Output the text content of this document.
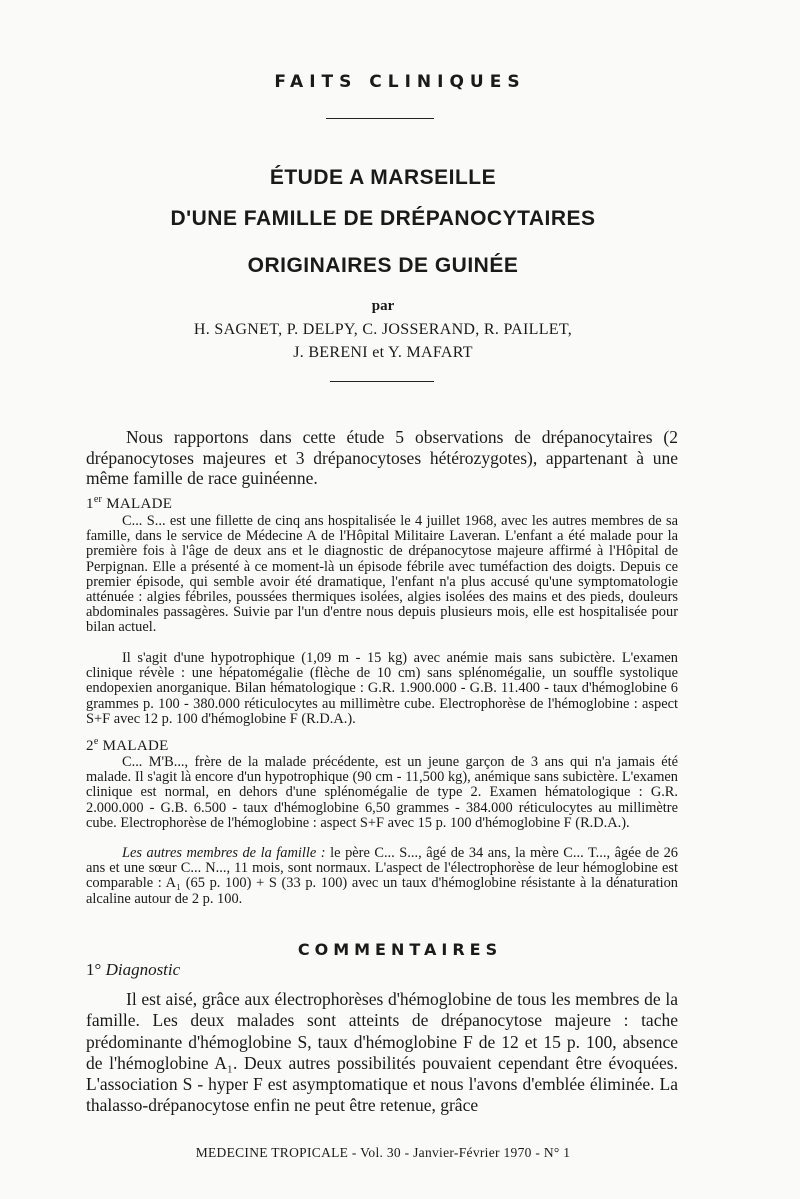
FAITS CLINIQUES
ÉTUDE A MARSEILLE
D'UNE FAMILLE DE DRÉPANOCYTAIRES
ORIGINAIRES DE GUINÉE
par
H. SAGNET, P. DELPY, C. JOSSERAND, R. PAILLET,
J. BERENI et Y. MAFART

Nous rapportons dans cette étude 5 observations de drépanocytaires (2 drépanocytoses majeures et 3 drépanocytoses hétérozygotes), appartenant à une même famille de race guinéenne.

1er MALADE

C... S... est une fillette de cinq ans hospitalisée le 4 juillet 1968, avec les autres membres de sa famille, dans le service de Médecine A de l'Hôpital Militaire Laveran. L'enfant a été malade pour la première fois à l'âge de deux ans et le diagnostic de drépanocytose majeure affirmé à l'Hôpital de Perpignan. Elle a présenté à ce moment-là un épisode fébrile avec tuméfaction des doigts. Depuis ce premier épisode, qui semble avoir été dramatique, l'enfant n'a plus accusé qu'une symptomatologie atténuée : algies fébriles, poussées thermiques isolées, algies isolées des mains et des pieds, douleurs abdominales passagères. Suivie par l'un d'entre nous depuis plusieurs mois, elle est hospitalisée pour bilan actuel.

Il s'agit d'une hypotrophique (1,09 m - 15 kg) avec anémie mais sans subictère. L'examen clinique révèle : une hépatomégalie (flèche de 10 cm) sans splénomégalie, un souffle systolique endopexien anorganique. Bilan hématologique : G.R. 1.900.000 - G.B. 11.400 - taux d'hémoglobine 6 grammes p. 100 - 380.000 réticulocytes au millimètre cube. Electrophorèse de l'hémoglobine : aspect S+F avec 12 p. 100 d'hémoglobine F (R.D.A.).

2e MALADE

C... M'B..., frère de la malade précédente, est un jeune garçon de 3 ans qui n'a jamais été malade. Il s'agit là encore d'un hypotrophique (90 cm - 11,500 kg), anémique sans subictère. L'examen clinique est normal, en dehors d'une splénomégalie de type 2. Examen hématologique : G.R. 2.000.000 - G.B. 6.500 - taux d'hémoglobine 6,50 grammes - 384.000 réticulocytes au millimètre cube. Electrophorèse de l'hémoglobine : aspect S+F avec 15 p. 100 d'hémoglobine F (R.D.A.).

Les autres membres de la famille : le père C... S..., âgé de 34 ans, la mère C... T..., âgée de 26 ans et une sœur C... N..., 11 mois, sont normaux. L'aspect de l'électrophorèse de leur hémoglobine est comparable : A₁ (65 p. 100) + S (33 p. 100) avec un taux d'hémoglobine résistante à la dénaturation alcaline autour de 2 p. 100.

COMMENTAIRES
1° Diagnostic

Il est aisé, grâce aux électrophorèses d'hémoglobine de tous les membres de la famille. Les deux malades sont atteints de drépanocytose majeure : tache prédominante d'hémoglobine S, taux d'hémoglobine F de 12 et 15 p. 100, absence de l'hémoglobine A₁. Deux autres possibilités pouvaient cependant être évoquées. L'association S - hyper F est asymptomatique et nous l'avons d'emblée éliminée. La thalasso-drépanocytose enfin ne peut être retenue, grâce

MEDECINE TROPICALE - Vol. 30 - Janvier-Février 1970 - N° 1
